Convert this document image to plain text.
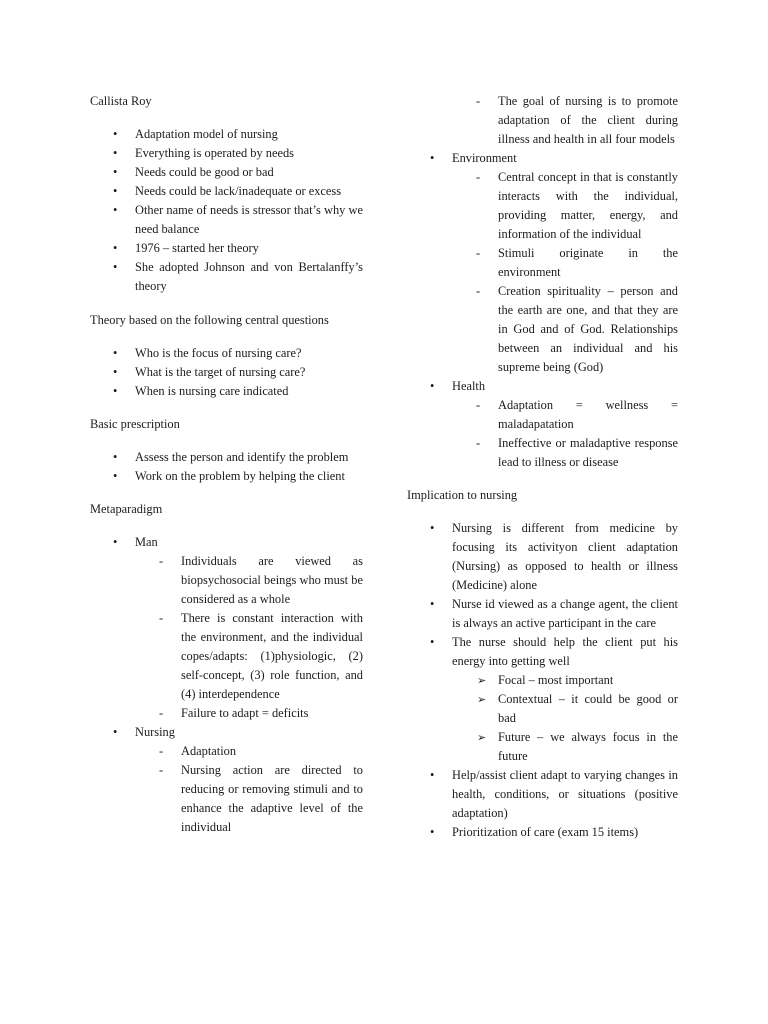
Callista Roy

• Adaptation model of nursing
• Everything is operated by needs
• Needs could be good or bad
• Needs could be lack/inadequate or excess
• Other name of needs is stressor that’s why we need balance
• 1976 – started her theory
• She adopted Johnson and von Bertalanffy’s theory

Theory based on the following central questions

• Who is the focus of nursing care?
• What is the target of nursing care?
• When is nursing care indicated

Basic prescription

• Assess the person and identify the problem
• Work on the problem by helping the client

Metaparadigm

• Man
- Individuals are viewed as biopsychosocial beings who must be considered as a whole
- There is constant interaction with the environment, and the individual copes/adapts: (1)physiologic, (2) self-concept, (3) role function, and (4) interdependence
- Failure to adapt = deficits
• Nursing
- Adaptation
- Nursing action are directed to reducing or removing stimuli and to enhance the adaptive level of the individual
- The goal of nursing is to promote adaptation of the client during illness and health in all four models
• Environment
- Central concept in that is constantly interacts with the individual, providing matter, energy, and information of the individual
- Stimuli originate in the environment
- Creation spirituality – person and the earth are one, and that they are in God and of God. Relationships between an individual and his supreme being (God)
• Health
- Adaptation = wellness = maladapatation
- Ineffective or maladaptive response lead to illness or disease

Implication to nursing

• Nursing is different from medicine by focusing its activityon client adaptation (Nursing) as opposed to health or illness (Medicine) alone
• Nurse id viewed as a change agent, the client is always an active participant in the care
• The nurse should help the client put his energy into getting well
➢ Focal – most important
➢ Contextual – it could be good or bad
➢ Future – we always focus in the future
• Help/assist client adapt to varying changes in health, conditions, or situations (positive adaptation)
• Prioritization of care (exam 15 items)
